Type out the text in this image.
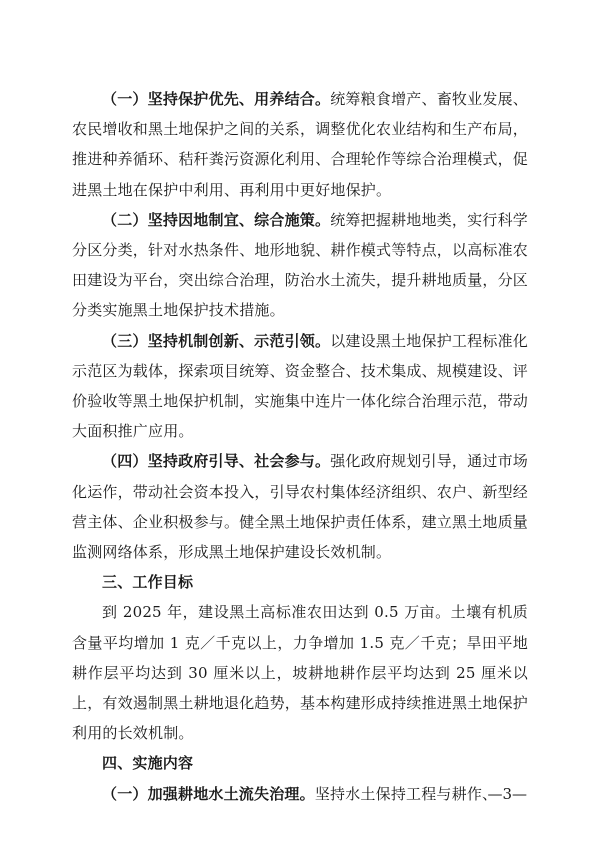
（一）坚持保护优先、用养结合。统筹粮食增产、畜牧业发展、农民增收和黑土地保护之间的关系，调整优化农业结构和生产布局，推进种养循环、秸秆粪污资源化利用、合理轮作等综合治理模式，促进黑土地在保护中利用、再利用中更好地保护。

（二）坚持因地制宜、综合施策。统筹把握耕地地类，实行科学分区分类，针对水热条件、地形地貌、耕作模式等特点，以高标准农田建设为平台，突出综合治理，防治水土流失，提升耕地质量，分区分类实施黑土地保护技术措施。

（三）坚持机制创新、示范引领。以建设黑土地保护工程标准化示范区为载体，探索项目统筹、资金整合、技术集成、规模建设、评价验收等黑土地保护机制，实施集中连片一体化综合治理示范，带动大面积推广应用。

（四）坚持政府引导、社会参与。强化政府规划引导，通过市场化运作，带动社会资本投入，引导农村集体经济组织、农户、新型经营主体、企业积极参与。健全黑土地保护责任体系，建立黑土地质量监测网络体系，形成黑土地保护建设长效机制。

三、工作目标

到 2025 年，建设黑土高标准农田达到 0.5 万亩。土壤有机质含量平均增加 1 克／千克以上，力争增加 1.5 克／千克；旱田平地耕作层平均达到 30 厘米以上，坡耕地耕作层平均达到 25 厘米以上，有效遏制黑土耕地退化趋势，基本构建形成持续推进黑土地保护利用的长效机制。

四、实施内容

（一）加强耕地水土流失治理。坚持水土保持工程与耕作、

—3—
